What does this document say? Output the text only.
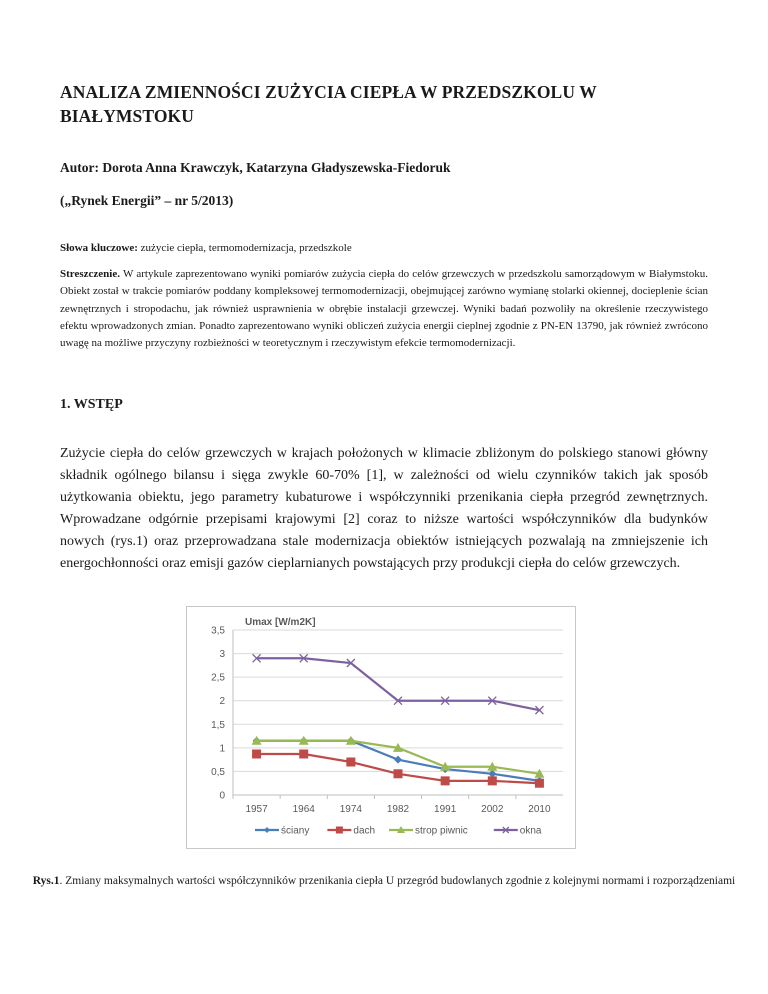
ANALIZA ZMIENNOŚCI ZUŻYCIA CIEPŁA W PRZEDSZKOLU W BIAŁYMSTOKU
Autor: Dorota Anna Krawczyk, Katarzyna Gładyszewska-Fiedoruk
(„Rynek Energii” – nr 5/2013)
Słowa kluczowe: zużycie ciepła, termomodernizacja, przedszkole
Streszczenie. W artykule zaprezentowano wyniki pomiarów zużycia ciepła do celów grzewczych w przedszkolu samorządowym w Białymstoku. Obiekt został w trakcie pomiarów poddany kompleksowej termomodernizacji, obejmującej zarówno wymianę stolarki okiennej, docieplenie ścian zewnętrznych i stropodachu, jak również usprawnienia w obrębie instalacji grzewczej. Wyniki badań pozwoliły na określenie rzeczywistego efektu wprowadzonych zmian. Ponadto zaprezentowano wyniki obliczeń zużycia energii cieplnej zgodnie z PN-EN 13790, jak również zwrócono uwagę na możliwe przyczyny rozbieżności w teoretycznym i rzeczywistym efekcie termomodernizacji.
1. WSTĘP
Zużycie ciepła do celów grzewczych w krajach położonych w klimacie zbliżonym do polskiego stanowi główny składnik ogólnego bilansu i sięga zwykle 60-70% [1], w zależności od wielu czynników takich jak sposób użytkowania obiektu, jego parametry kubaturowe i współczynniki przenikania ciepła przegród zewnętrznych. Wprowadzane odgórnie przepisami krajowymi [2] coraz to niższe wartości współczynników dla budynków nowych (rys.1) oraz przeprowadzana stale modernizacja obiektów istniejących pozwalają na zmniejszenie ich energochłonności oraz emisji gazów cieplarnianych powstających przy produkcji ciepła do celów grzewczych.
0
0,5
1
1,5
2
2,5
3
3,5
1957 1964 1974 1982 1991 2002 2010
Umax [W/m2K]
ściany	dach	strop piwnic	okna
Rys.1. Zmiany maksymalnych wartości współczynników przenikania ciepła U przegród budowlanych zgodnie z kolejnymi normami i rozporządzeniami
